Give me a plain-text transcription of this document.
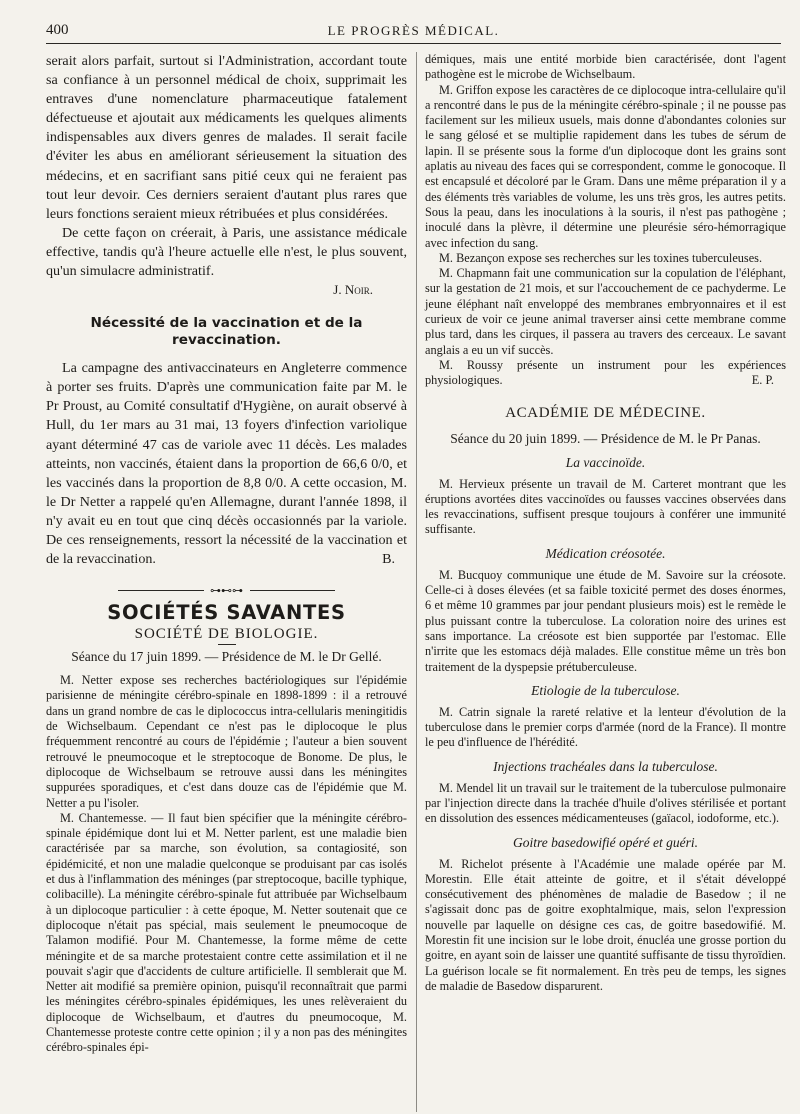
400	LE PROGRÈS MÉDICAL.

serait alors parfait, surtout si l'Administration, accordant toute sa confiance à un personnel médical de choix, supprimait les entraves d'une nomenclature pharmaceutique fatalement défectueuse et ajoutait aux médicaments les quelques aliments indispensables aux divers genres de malades. Il serait facile d'éviter les abus en améliorant sérieusement la situation des médecins, et en sacrifiant sans pitié ceux qui ne feraient pas tout leur devoir. Ces derniers seraient d'autant plus rares que leurs fonctions seraient mieux rétribuées et plus considérées.

De cette façon on créerait, à Paris, une assistance médicale effective, tandis qu'à l'heure actuelle elle n'est, le plus souvent, qu'un simulacre administratif.

J. Noir.
Nécessité de la vaccination et de la revaccination.

La campagne des antivaccinateurs en Angleterre commence à porter ses fruits. D'après une communication faite par M. le Pr Proust, au Comité consultatif d'Hygiène, on aurait observé à Hull, du 1er mars au 31 mai, 13 foyers d'infection variolique ayant déterminé 47 cas de variole avec 11 décès. Les malades atteints, non vaccinés, étaient dans la proportion de 66,6 0/0, et les vaccinés dans la proportion de 8,8 0/0. A cette occasion, M. le Dr Netter a rappelé qu'en Allemagne, durant l'année 1898, il n'y avait eu en tout que cinq décès occasionnés par la variole. De ces renseignements, ressort la nécessité de la vaccination et de la revaccination.	B.

⊶⊷⊶
SOCIÉTÉS SAVANTES
SOCIÉTÉ DE BIOLOGIE.
Séance du 17 juin 1899. — Présidence de M. le Dr Gellé.

M. Netter expose ses recherches bactériologiques sur l'épidémie parisienne de méningite cérébro-spinale en 1898-1899 : il a retrouvé dans un grand nombre de cas le diplococcus intra-cellularis meningitidis de Wichselbaum. Cependant ce n'est pas le diplocoque le plus fréquemment rencontré au cours de l'épidémie ; l'auteur a bien souvent retrouvé le pneumocoque et le streptocoque de Bonome. De plus, le diplocoque de Wichselbaum se retrouve aussi dans les méningites suppurées sporadiques, et c'est dans douze cas de l'épidémie que M. Netter a pu l'isoler.

M. Chantemesse. — Il faut bien spécifier que la méningite cérébro-spinale épidémique dont lui et M. Netter parlent, est une maladie bien caractérisée par sa marche, son évolution, sa contagiosité, son épidémicité, et non une maladie quelconque se produisant par cas isolés et dus à l'inflammation des méninges (par streptocoque, bacille typhique, colibacille). La méningite cérébro-spinale fut attribuée par Wichselbaum à un diplocoque particulier : à cette époque, M. Netter soutenait que ce diplocoque n'était pas spécial, mais seulement le pneumocoque de Talamon modifié. Pour M. Chantemesse, la forme même de cette méningite et de sa marche protestaient contre cette assimilation et il ne pouvait s'agir que d'accidents de culture artificielle. Il semblerait que M. Netter ait modifié sa première opinion, puisqu'il reconnaîtrait que parmi les méningites cérébro-spinales épidémiques, les unes relèveraient du diplocoque de Wichselbaum, et d'autres du pneumocoque, M. Chantemesse proteste contre cette opinion ; il y a non pas des méningites cérébro-spinales épi-

démiques, mais une entité morbide bien caractérisée, dont l'agent pathogène est le microbe de Wichselbaum.

M. Griffon expose les caractères de ce diplocoque intra-cellulaire qu'il a rencontré dans le pus de la méningite cérébro-spinale ; il ne pousse pas facilement sur les milieux usuels, mais donne d'abondantes colonies sur le sang gélosé et se multiplie rapidement dans les tubes de sérum de lapin. Il se présente sous la forme d'un diplocoque dont les grains sont aplatis au niveau des faces qui se correspondent, comme le gonocoque. Il est encapsulé et décoloré par le Gram. Dans une même préparation il y a des éléments très variables de volume, les uns très gros, les autres petits. Sous la peau, dans les inoculations à la souris, il n'est pas pathogène ; inoculé dans la plèvre, il détermine une pleurésie séro-hémorragique avec infection du sang.

M. Bezançon expose ses recherches sur les toxines tuberculeuses.

M. Chapmann fait une communication sur la copulation de l'éléphant, sur la gestation de 21 mois, et sur l'accouchement de ce pachyderme. Le jeune éléphant naît enveloppé des membranes embryonnaires et il est curieux de voir ce jeune animal traverser ainsi cette membrane comme plus tard, dans les cirques, il passera au travers des cerceaux. Le savant anglais a eu un vif succès.

M. Roussy présente un instrument pour les expériences physiologiques.	E. P.

ACADÉMIE DE MÉDECINE.
Séance du 20 juin 1899. — Présidence de M. le Pr Panas.
La vaccinoïde.

M. Hervieux présente un travail de M. Carteret montrant que les éruptions avortées dites vaccinoïdes ou fausses vaccines observées dans les revaccinations, suffisent presque toujours à conférer une immunité suffisante.

Médication créosotée.

M. Bucquoy communique une étude de M. Savoire sur la créosote. Celle-ci à doses élevées (et sa faible toxicité permet des doses énormes, 6 et même 10 grammes par jour pendant plusieurs mois) est le remède le plus puissant contre la tuberculose. La coloration noire des urines est sans importance. La créosote est bien supportée par l'estomac. Elle n'irrite que les estomacs déjà malades. Elle constitue même un très bon traitement de la dyspepsie prétuberculeuse.

Etiologie de la tuberculose.

M. Catrin signale la rareté relative et la lenteur d'évolution de la tuberculose dans le premier corps d'armée (nord de la France). Il montre le peu d'influence de l'hérédité.

Injections trachéales dans la tuberculose.

M. Mendel lit un travail sur le traitement de la tuberculose pulmonaire par l'injection directe dans la trachée d'huile d'olives stérilisée et portant en dissolution des essences médicamenteuses (gaïacol, iodoforme, etc.).

Goitre basedowifié opéré et guéri.

M. Richelot présente à l'Académie une malade opérée par M. Morestin. Elle était atteinte de goitre, et il s'était développé consécutivement des phénomènes de maladie de Basedow ; il ne s'agissait donc pas de goitre exophtalmique, mais, selon l'expression nouvelle par laquelle on désigne ces cas, de goitre basedowifié. M. Morestin fit une incision sur le lobe droit, énucléa une grosse portion du goitre, en ayant soin de laisser une quantité suffisante de tissu thyroïdien. La guérison locale se fit normalement. En très peu de temps, les signes de maladie de Basedow disparurent.
